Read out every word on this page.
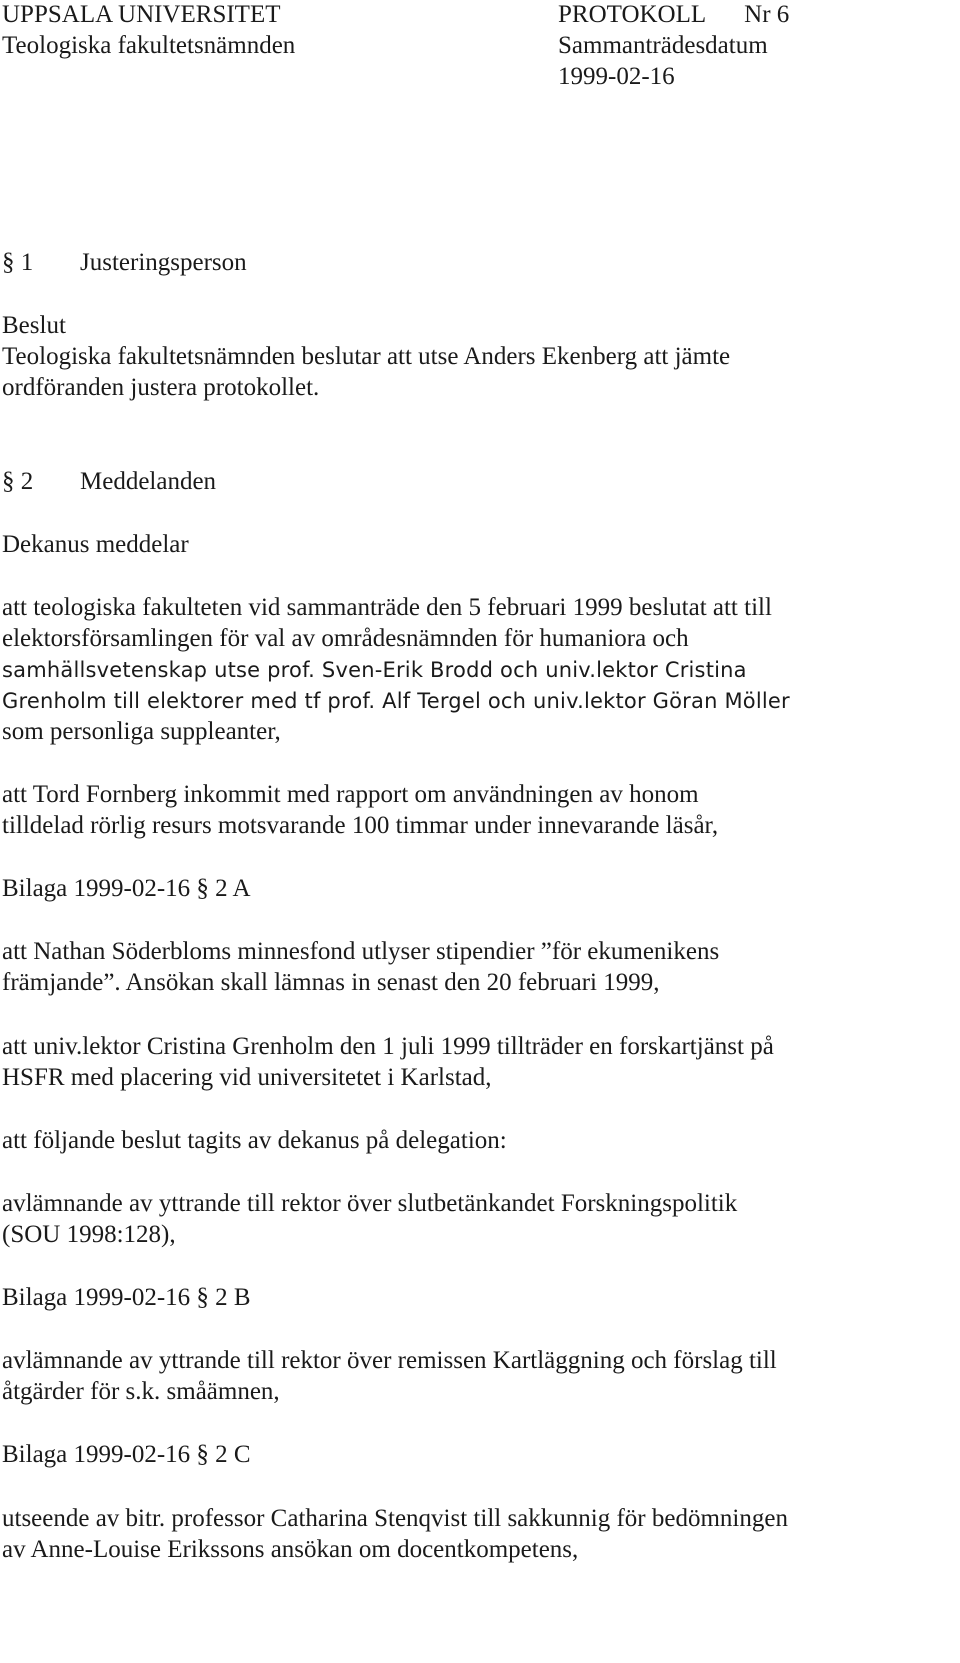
UPPSALA UNIVERSITET	PROTOKOLL Nr 6
Teologiska fakultetsnämnden	Sammanträdesdatum
1999-02-16
§ 1 Justeringsperson
Beslut
Teologiska fakultetsnämnden beslutar att utse Anders Ekenberg att jämte
ordföranden justera protokollet.
§ 2 Meddelanden
Dekanus meddelar
att teologiska fakulteten vid sammanträde den 5 februari 1999 beslutat att till
elektorsförsamlingen för val av områdesnämnden för humaniora och
samhällsvetenskap utse prof. Sven-Erik Brodd och univ.lektor Cristina
Grenholm till elektorer med tf prof. Alf Tergel och univ.lektor Göran Möller
som personliga suppleanter,
att Tord Fornberg inkommit med rapport om användningen av honom
tilldelad rörlig resurs motsvarande 100 timmar under innevarande läsår,
Bilaga 1999-02-16 § 2 A
att Nathan Söderbloms minnesfond utlyser stipendier ”för ekumenikens
främjande”. Ansökan skall lämnas in senast den 20 februari 1999,
att univ.lektor Cristina Grenholm den 1 juli 1999 tillträder en forskartjänst på
HSFR med placering vid universitetet i Karlstad,
att följande beslut tagits av dekanus på delegation:
avlämnande av yttrande till rektor över slutbetänkandet Forskningspolitik
(SOU 1998:128),
Bilaga 1999-02-16 § 2 B
avlämnande av yttrande till rektor över remissen Kartläggning och förslag till
åtgärder för s.k. småämnen,
Bilaga 1999-02-16 § 2 C
utseende av bitr. professor Catharina Stenqvist till sakkunnig för bedömningen
av Anne-Louise Erikssons ansökan om docentkompetens,
